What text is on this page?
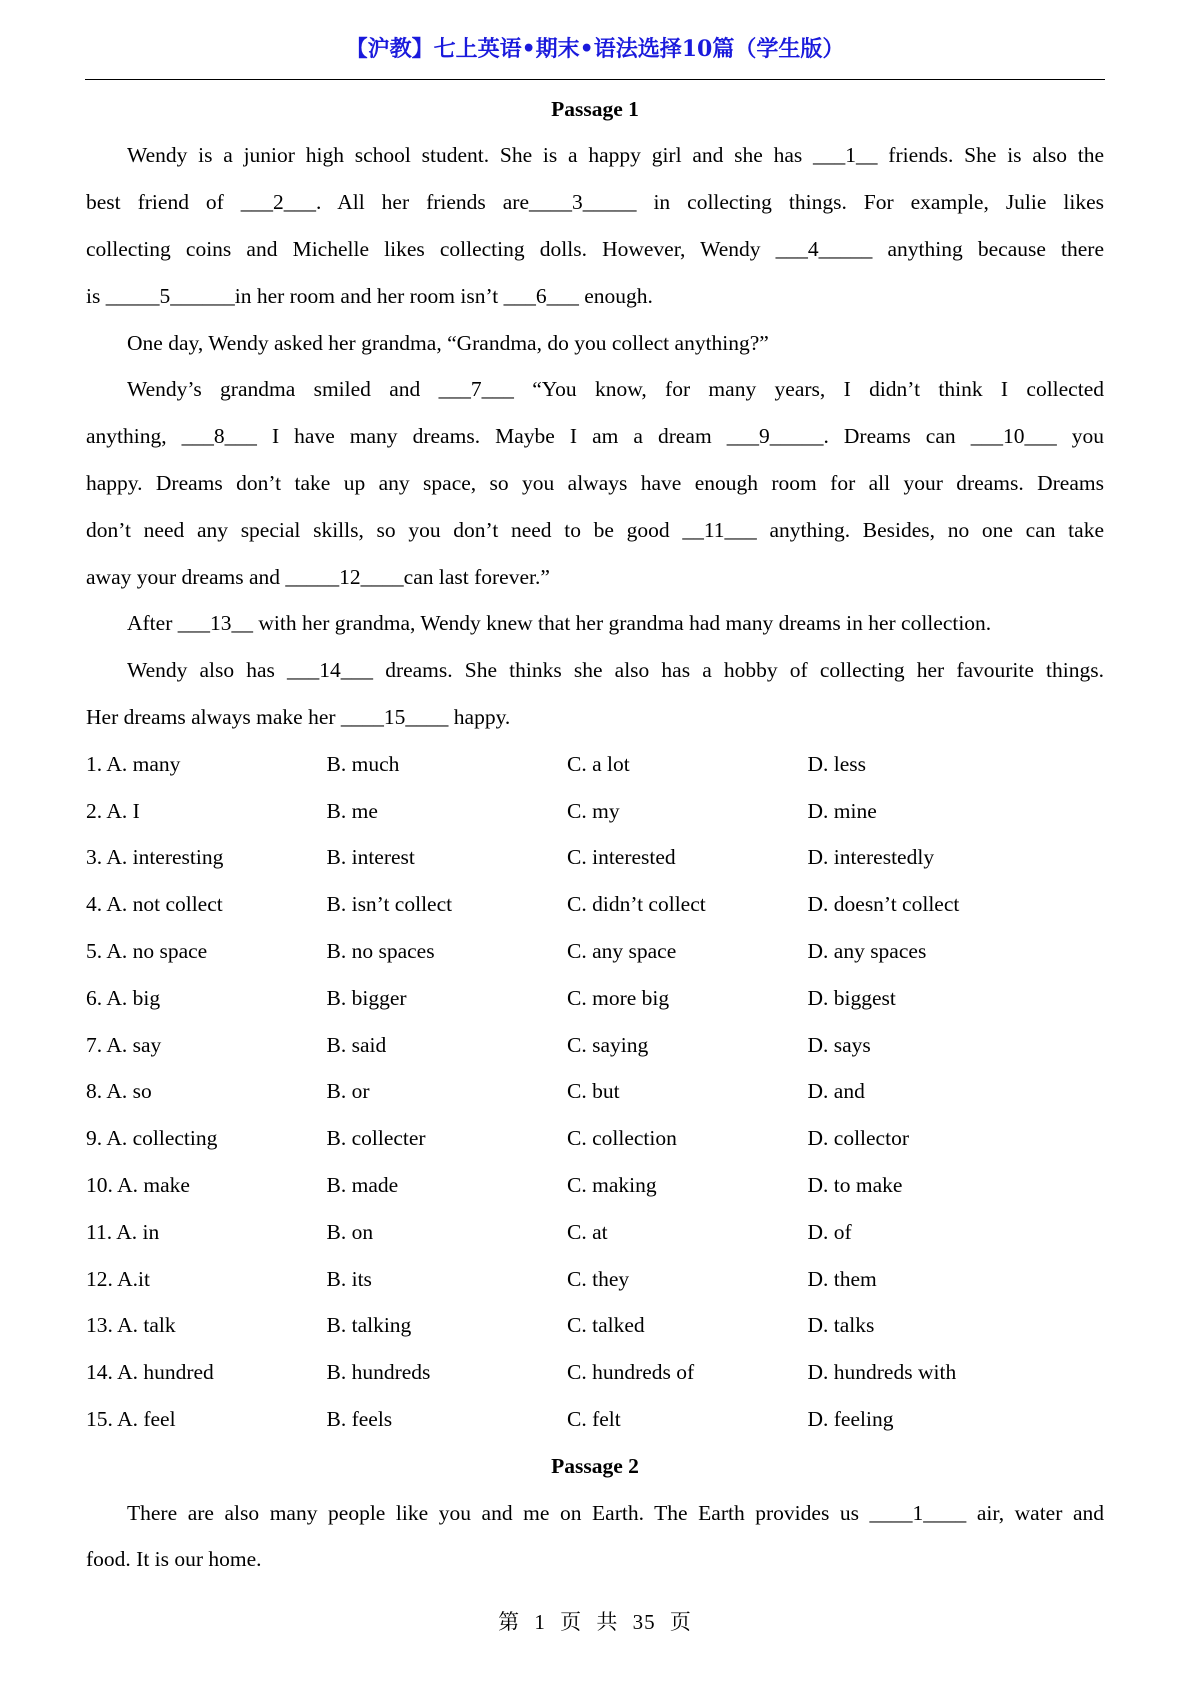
【沪教】七上英语•期末•语法选择10篇（学生版）
Passage 1
Wendy is a junior high school student. She is a happy girl and she has ___1__ friends. She is also the
best friend of ___2___. All her friends are____3_____ in collecting things. For example, Julie likes
collecting coins and Michelle likes collecting dolls. However, Wendy ___4_____ anything because there
is _____5______in her room and her room isn’t ___6___ enough.
One day, Wendy asked her grandma, “Grandma, do you collect anything?”
Wendy’s grandma smiled and ___7___ “You know, for many years, I didn’t think I collected
anything, ___8___ I have many dreams. Maybe I am a dream ___9_____. Dreams can ___10___ you
happy. Dreams don’t take up any space, so you always have enough room for all your dreams. Dreams
don’t need any special skills, so you don’t need to be good __11___ anything. Besides, no one can take
away your dreams and _____12____can last forever.”
After ___13__ with her grandma, Wendy knew that her grandma had many dreams in her collection.
Wendy also has ___14___ dreams. She thinks she also has a hobby of collecting her favourite things.
Her dreams always make her ____15____ happy.
1. A. many	B. much	C. a lot	D. less
2. A. I	B. me	C. my	D. mine
3. A. interesting	B. interest	C. interested	D. interestedly
4. A. not collect	B. isn’t collect	C. didn’t collect	D. doesn’t collect
5. A. no space	B. no spaces	C. any space	D. any spaces
6. A. big	B. bigger	C. more big	D. biggest
7. A. say	B. said	C. saying	D. says
8. A. so	B. or	C. but	D. and
9. A. collecting	B. collecter	C. collection	D. collector
10. A. make	B. made	C. making	D. to make
11. A. in	B. on	C. at	D. of
12. A.it	B. its	C. they	D. them
13. A. talk	B. talking	C. talked	D. talks
14. A. hundred	B. hundreds	C. hundreds of	D. hundreds with
15. A. feel	B. feels	C. felt	D. feeling
Passage 2
There are also many people like you and me on Earth. The Earth provides us ____1____ air, water and
food. It is our home.
第 1 页 共 35 页
